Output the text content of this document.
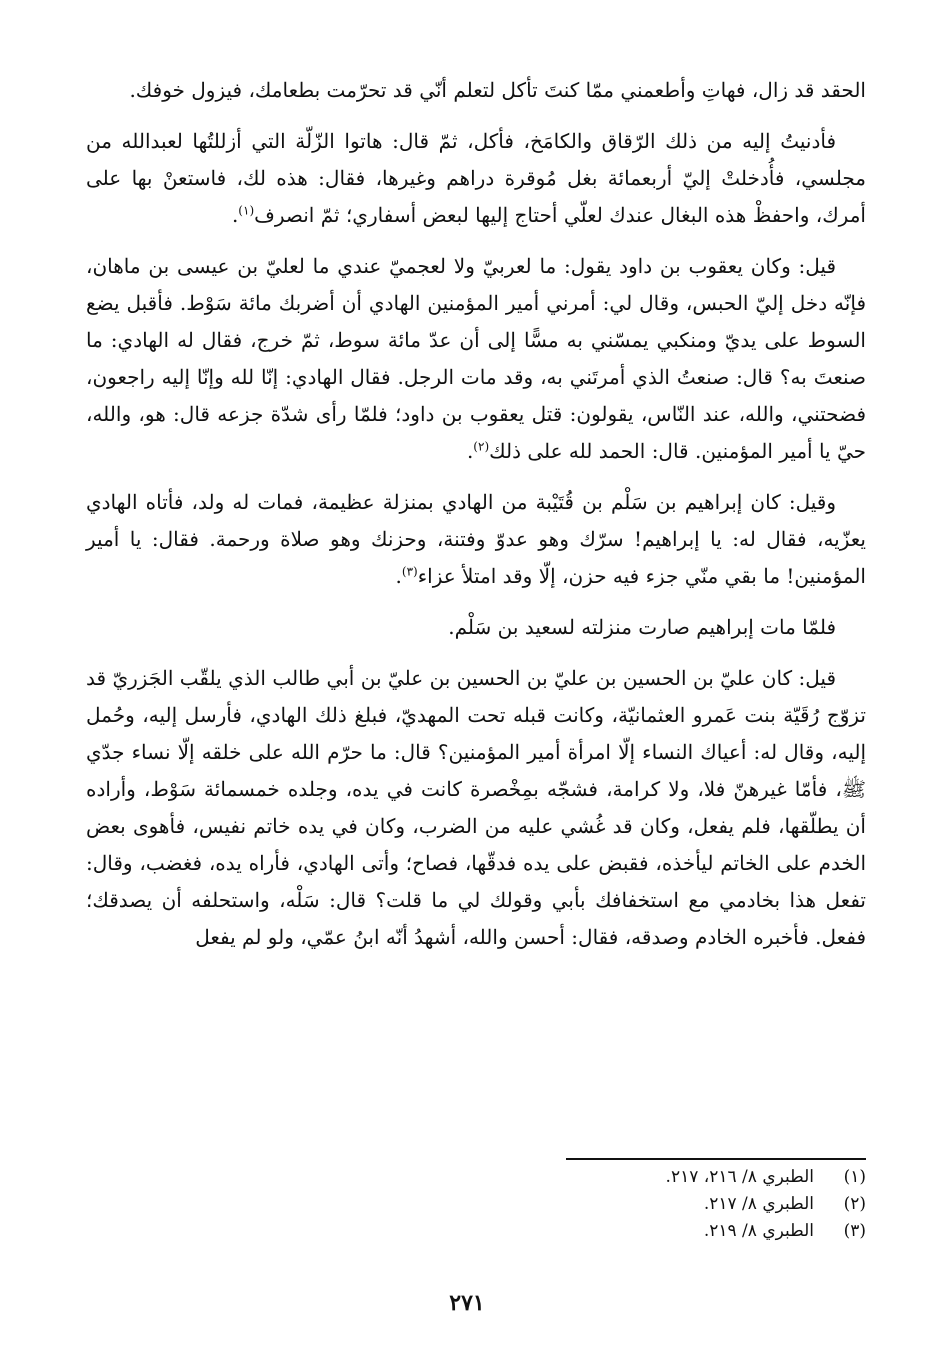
الحقد قد زال، فهاتِ وأطعمني ممّا كنتَ تأكل لتعلم أنّي قد تحرّمت بطعامك، فيزول خوفك.

فأدنيتُ إليه من ذلك الرّقاق والكامَخ، فأكل، ثمّ قال: هاتوا الزّلّة التي أزللتُها لعبدالله من مجلسي، فأُدخلتْ إليّ أربعمائة بغل مُوقرة دراهم وغيرها، فقال: هذه لك، فاستعنْ بها على أمرك، واحفظْ هذه البغال عندك لعلّي أحتاج إليها لبعض أسفاري؛ ثمّ انصرف$^{(١)}$.

قيل: وكان يعقوب بن داود يقول: ما لعربيّ ولا لعجميّ عندي ما لعليّ بن عيسى بن ماهان، فإنّه دخل إليّ الحبس، وقال لي: أمرني أمير المؤمنين الهادي أن أضربك مائة سَوْط. فأقبل يضع السوط على يديّ ومنكبي يمسّني به مسًّا إلى أن عدّ مائة سوط، ثمّ خرج، فقال له الهادي: ما صنعتَ به؟ قال: صنعتُ الذي أمرتَني به، وقد مات الرجل. فقال الهادي: إنّا لله وإنّا إليه راجعون، فضحتني، والله، عند النّاس، يقولون: قتل يعقوب بن داود؛ فلمّا رأى شدّة جزعه قال: هو، والله، حيّ يا أمير المؤمنين. قال: الحمد لله على ذلك$^{(٢)}$.

وقيل: كان إبراهيم بن سَلْم بن قُتَيْبة من الهادي بمنزلة عظيمة، فمات له ولد، فأتاه الهادي يعزّيه، فقال له: يا إبراهيم! سرّك وهو عدوّ وفتنة، وحزنك وهو صلاة ورحمة. فقال: يا أمير المؤمنين! ما بقي منّي جزء فيه حزن، إلّا وقد امتلأ عزاء$^{(٣)}$.

فلمّا مات إبراهيم صارت منزلته لسعيد بن سَلْم.

قيل: كان عليّ بن الحسين بن عليّ بن الحسين بن عليّ بن أبي طالب الذي يلقّب الجَزريّ قد تزوّج رُقَيّة بنت عَمرو العثمانيّة، وكانت قبله تحت المهديّ، فبلغ ذلك الهادي، فأرسل إليه، وحُمل إليه، وقال له: أعياك النساء إلّا امرأة أمير المؤمنين؟ قال: ما حرّم الله على خلقه إلّا نساء جدّي ﷺ، فأمّا غيرهنّ فلا، ولا كرامة، فشجّه بمِخْصرة كانت في يده، وجلده خمسمائة سَوْط، وأراده أن يطلّقها، فلم يفعل، وكان قد غُشي عليه من الضرب، وكان في يده خاتم نفيس، فأهوى بعض الخدم على الخاتم ليأخذه، فقبض على يده فدقّها، فصاح؛ وأتى الهادي، فأراه يده، فغضب، وقال: تفعل هذا بخادمي مع استخفافك بأبي وقولك لي ما قلت؟ قال: سَلْه، واستحلفه أن يصدقك؛ ففعل. فأخبره الخادم وصدقه، فقال: أحسن والله، أشهدُ أنّه ابنُ عمّي، ولو لم يفعل

(١)
الطبري ٨/ ٢١٦، ٢١٧.
(٢)
الطبري ٨/ ٢١٧.
(٣)
الطبري ٨/ ٢١٩.
٢٧١
